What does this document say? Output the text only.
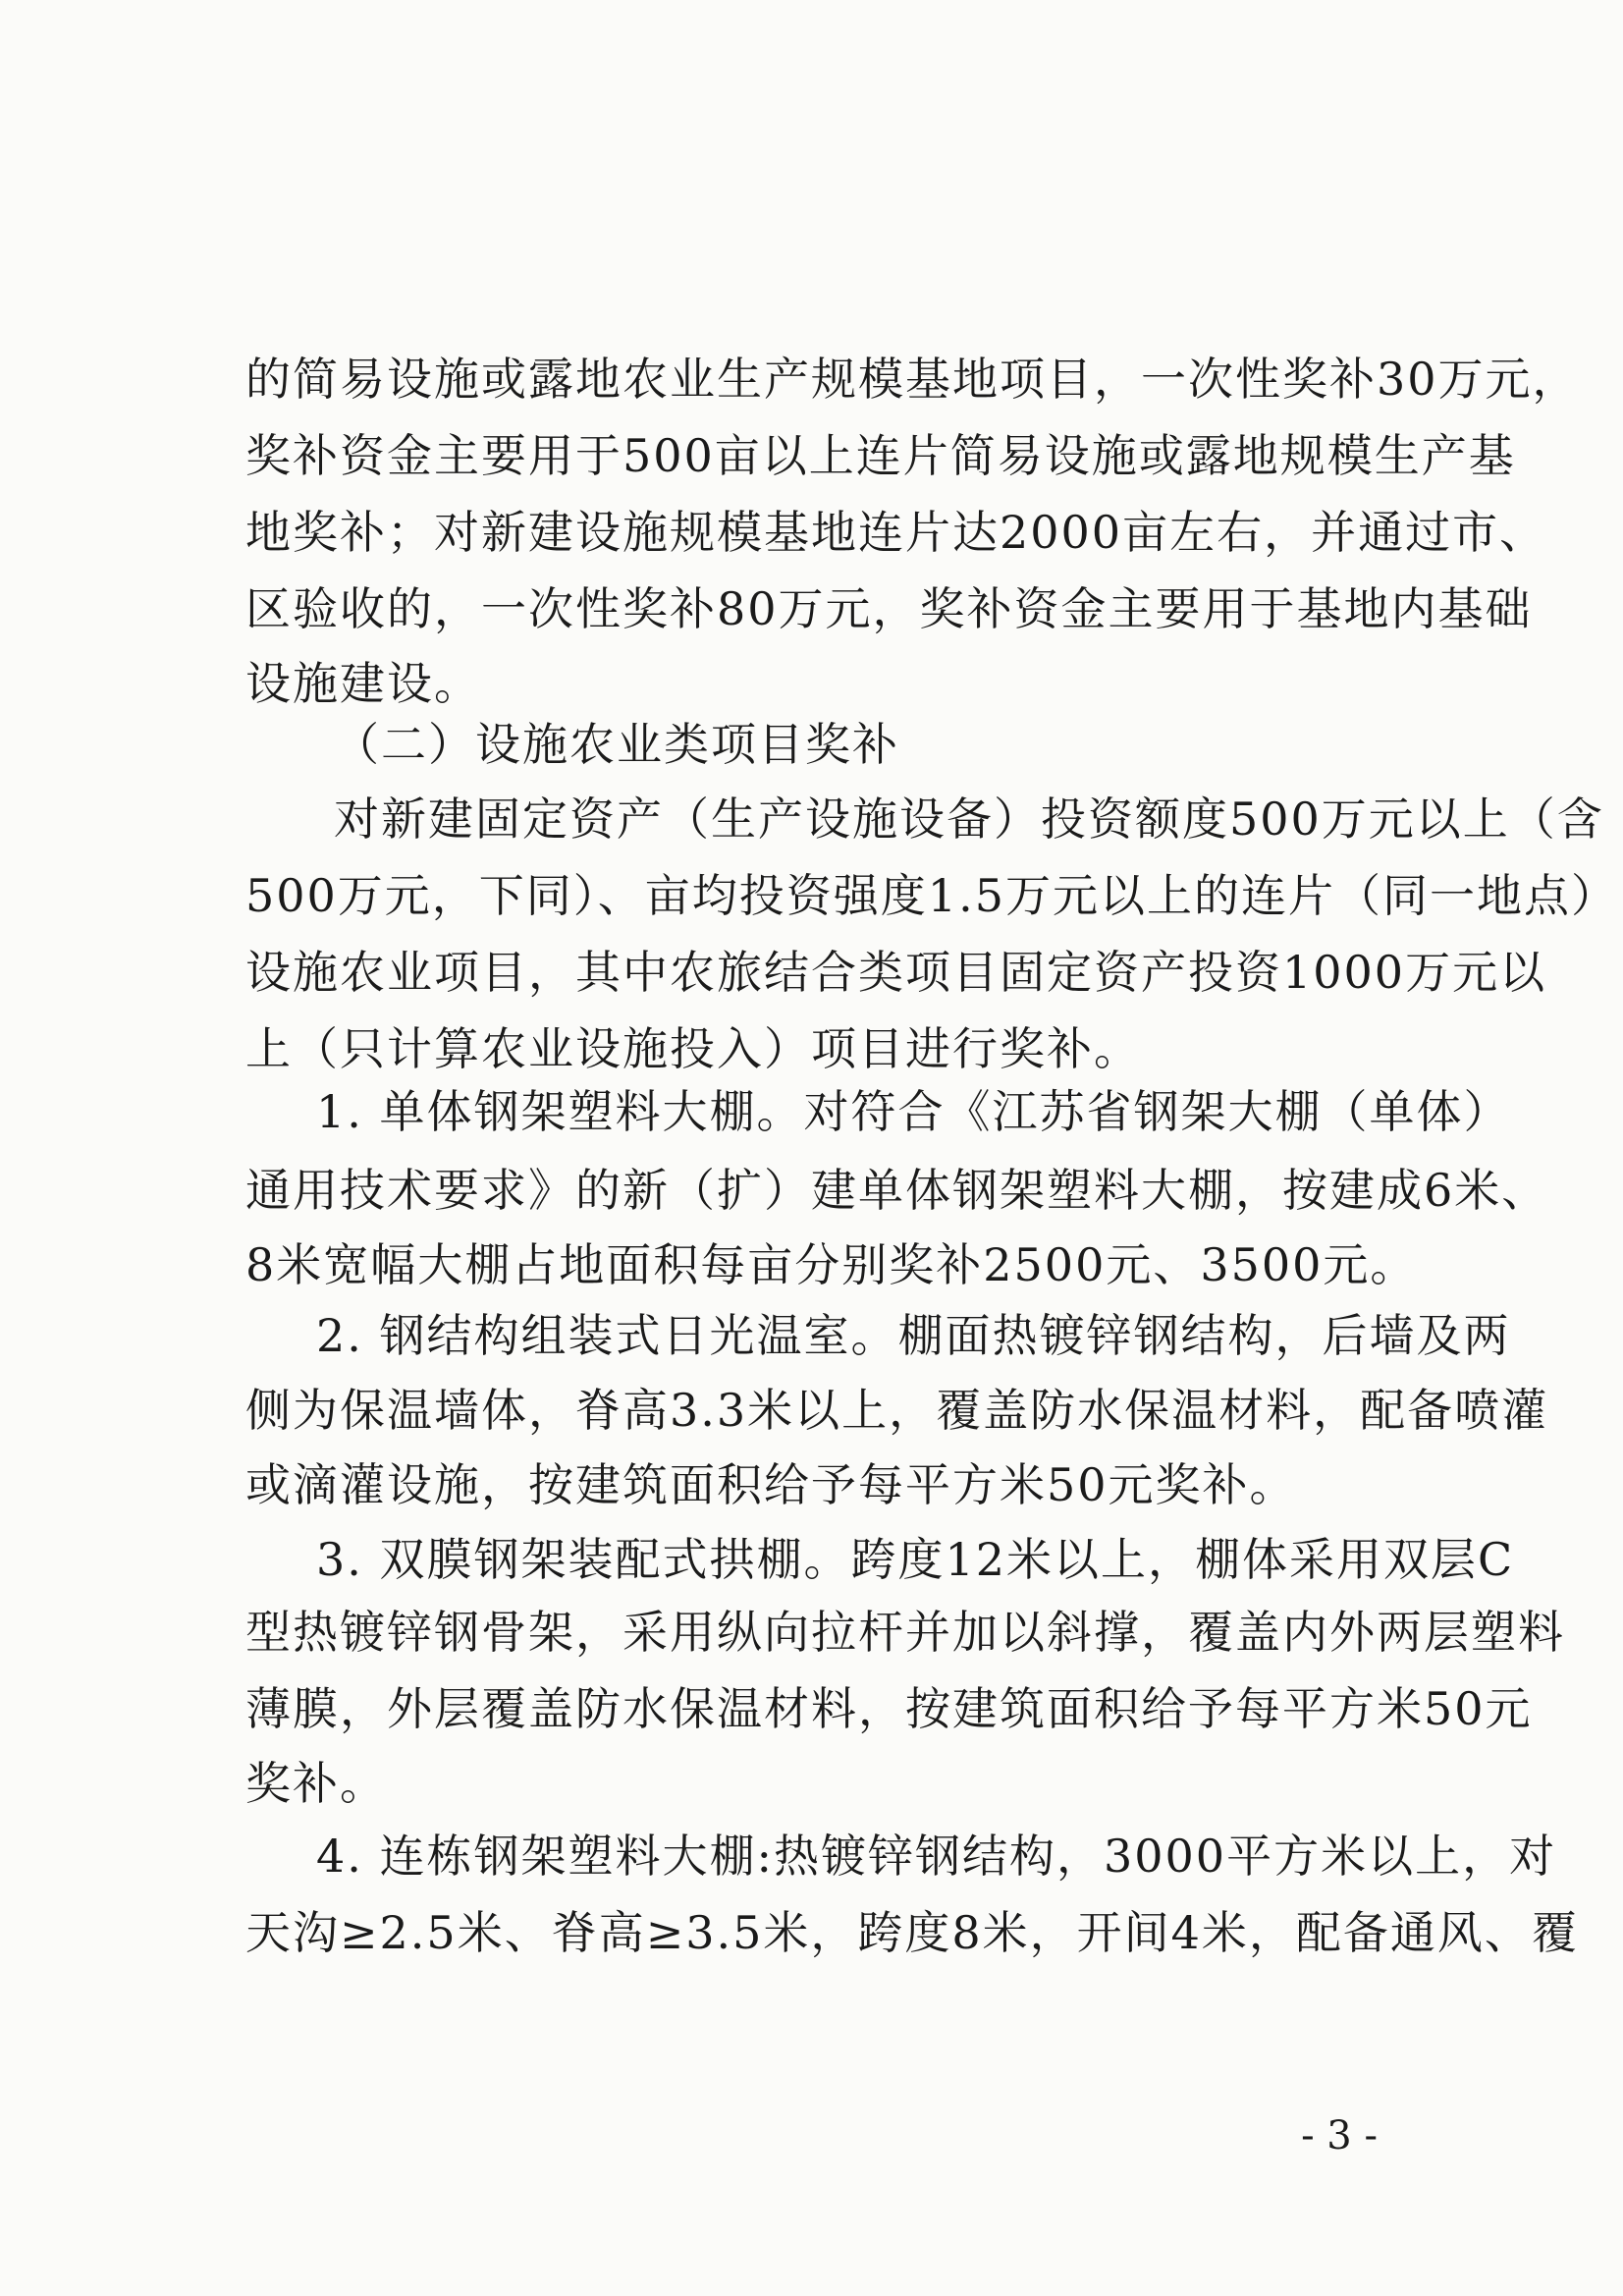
的简易设施或露地农业生产规模基地项目，一次性奖补30万元，
奖补资金主要用于500亩以上连片简易设施或露地规模生产基
地奖补；对新建设施规模基地连片达2000亩左右，并通过市、
区验收的，一次性奖补80万元，奖补资金主要用于基地内基础
设施建设。
（二）设施农业类项目奖补
对新建固定资产（生产设施设备）投资额度500万元以上（含
500万元，下同）、亩均投资强度1.5万元以上的连片（同一地点）
设施农业项目，其中农旅结合类项目固定资产投资1000万元以
上（只计算农业设施投入）项目进行奖补。
1. 单体钢架塑料大棚。对符合《江苏省钢架大棚（单体）
通用技术要求》的新（扩）建单体钢架塑料大棚，按建成6米、
8米宽幅大棚占地面积每亩分别奖补2500元、3500元。
2. 钢结构组装式日光温室。棚面热镀锌钢结构，后墙及两
侧为保温墙体，脊高3.3米以上，覆盖防水保温材料，配备喷灌
或滴灌设施，按建筑面积给予每平方米50元奖补。
3. 双膜钢架装配式拱棚。跨度12米以上，棚体采用双层C
型热镀锌钢骨架，采用纵向拉杆并加以斜撑，覆盖内外两层塑料
薄膜，外层覆盖防水保温材料，按建筑面积给予每平方米50元
奖补。
4. 连栋钢架塑料大棚:热镀锌钢结构，3000平方米以上，对
天沟≥2.5米、脊高≥3.5米，跨度8米，开间4米，配备通风、覆
- 3 -
